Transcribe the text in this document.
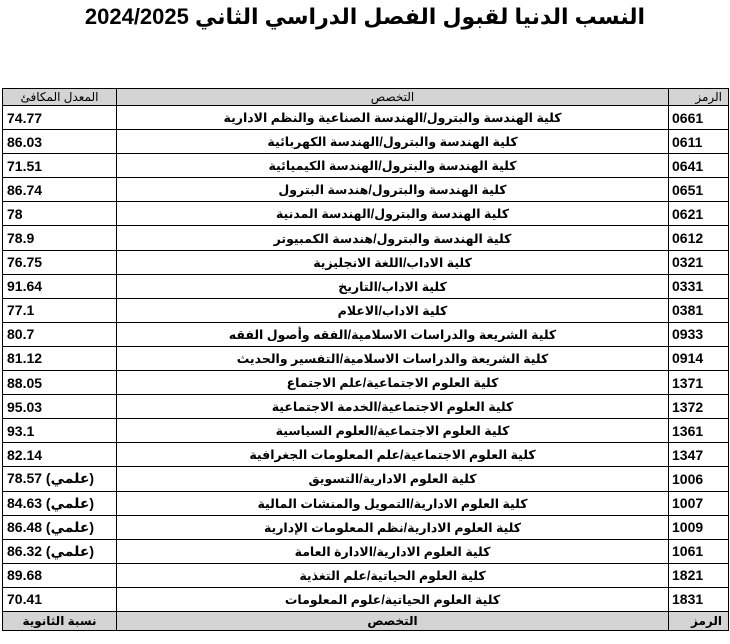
النسب الدنيا لقبول الفصل الدراسي الثاني 2024/2025
المعدل المكافئ	التخصص	الرمز
74.77	كلية الهندسة والبترول/الهندسة الصناعية والنظم الادارية	0661
86.03	كلية الهندسة والبترول/الهندسة الكهربائية	0611
71.51	كلية الهندسة والبترول/الهندسة الكيميائية	0641
86.74	كلية الهندسة والبترول/هندسة البترول	0651
78	كلية الهندسة والبترول/الهندسة المدنية	0621
78.9	كلية الهندسة والبترول/هندسة الكمبيوتر	0612
76.75	كلية الاداب/اللغة الانجليزية	0321
91.64	كلية الاداب/التاريخ	0331
77.1	كلية الاداب/الاعلام	0381
80.7	كلية الشريعة والدراسات الاسلامية/الفقه وأصول الفقه	0933
81.12	كلية الشريعة والدراسات الاسلامية/التفسير والحديث	0914
88.05	كلية العلوم الاجتماعية/علم الاجتماع	1371
95.03	كلية العلوم الاجتماعية/الخدمة الاجتماعية	1372
93.1	كلية العلوم الاجتماعية/العلوم السياسية	1361
82.14	كلية العلوم الاجتماعية/علم المعلومات الجغرافية	1347
78.57 (علمي)	كلية العلوم الادارية/التسويق	1006
84.63 (علمي)	كلية العلوم الادارية/التمويل والمنشات المالية	1007
86.48 (علمي)	كلية العلوم الادارية/نظم المعلومات الإدارية	1009
86.32 (علمي)	كلية العلوم الادارية/الادارة العامة	1061
89.68	كلية العلوم الحياتية/علم التغذية	1821
70.41	كلية العلوم الحياتية/علوم المعلومات	1831
نسبة الثانوية	التخصص	الرمز
